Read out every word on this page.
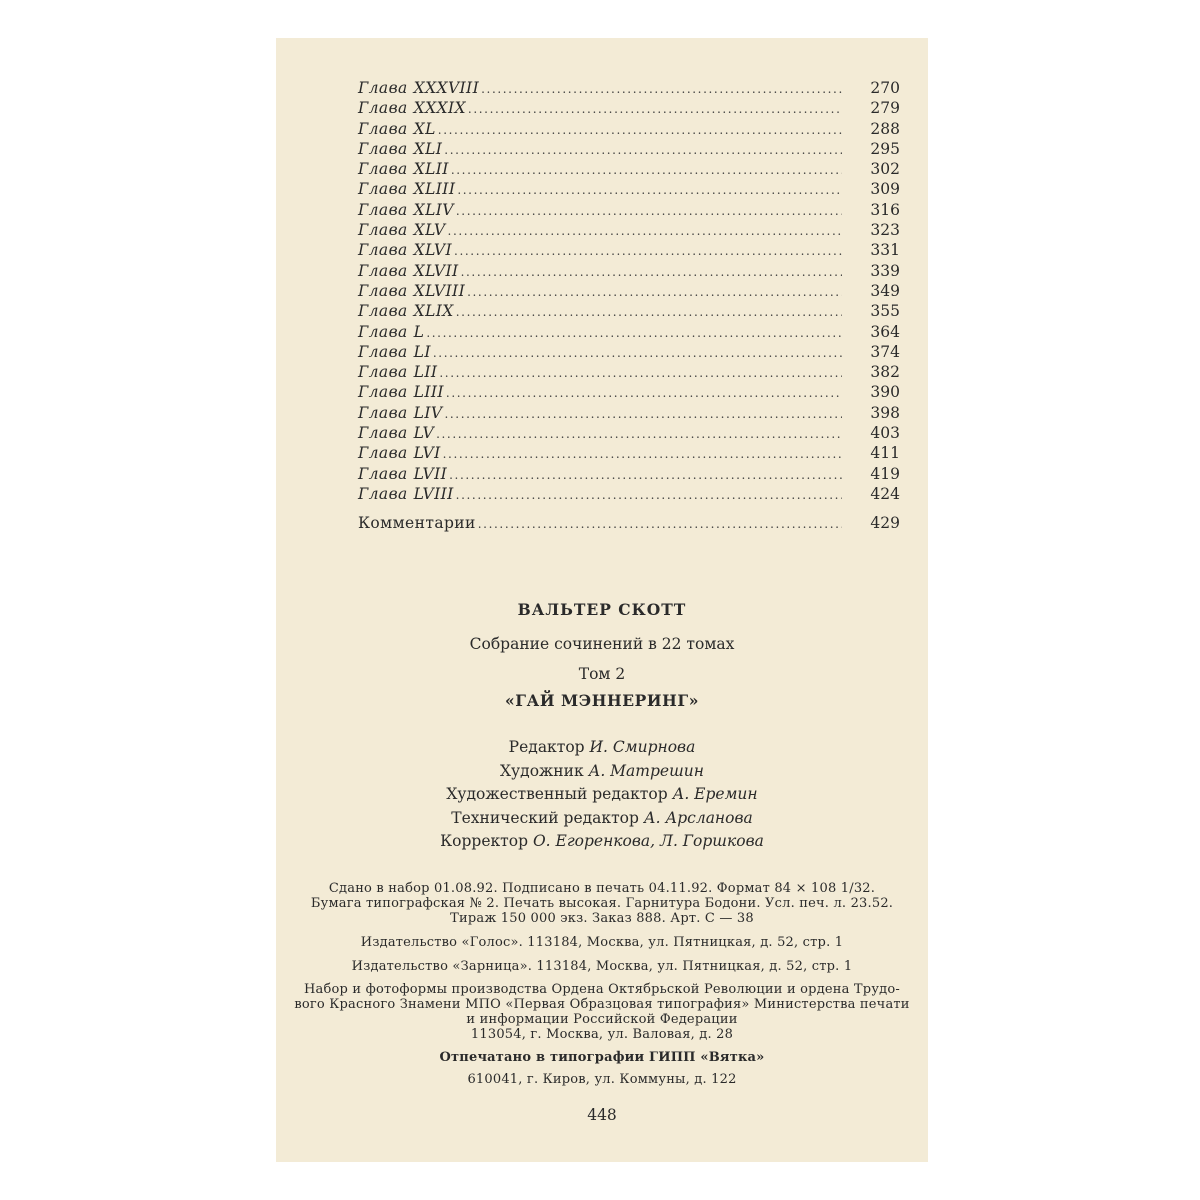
Глава XXXVIII .....	270
Глава XXXIX .....	279
Глава XL .....	288
Глава XLI .....	295
Глава XLII .....	302
Глава XLIII .....	309
Глава XLIV .....	316
Глава XLV .....	323
Глава XLVI .....	331
Глава XLVII .....	339
Глава XLVIII .....	349
Глава XLIX .....	355
Глава L .....	364
Глава LI .....	374
Глава LII .....	382
Глава LIII .....	390
Глава LIV .....	398
Глава LV .....	403
Глава LVI .....	411
Глава LVII .....	419
Глава LVIII .....	424
Комментарии .....	429
ВАЛЬТЕР СКОТТ
Собрание сочинений в 22 томах
Том 2
«ГАЙ МЭННЕРИНГ»
Редактор И. Смирнова
Художник А. Матрешин
Художественный редактор А. Еремин
Технический редактор А. Арсланова
Корректор О. Егоренкова, Л. Горшкова
Сдано в набор 01.08.92. Подписано в печать 04.11.92. Формат 84 × 108 1/32.
Бумага типографская № 2. Печать высокая. Гарнитура Бодони. Усл. печ. л. 23.52.
Тираж 150 000 экз. Заказ 888. Арт. С — 38
Издательство «Голос». 113184, Москва, ул. Пятницкая, д. 52, стр. 1
Издательство «Зарница». 113184, Москва, ул. Пятницкая, д. 52, стр. 1
Набор и фотоформы производства Ордена Октябрьской Революции и ордена Трудо-
вого Красного Знамени МПО «Первая Образцовая типография» Министерства печати
и информации Российской Федерации
113054, г. Москва, ул. Валовая, д. 28
Отпечатано в типографии ГИПП «Вятка»
610041, г. Киров, ул. Коммуны, д. 122
448
